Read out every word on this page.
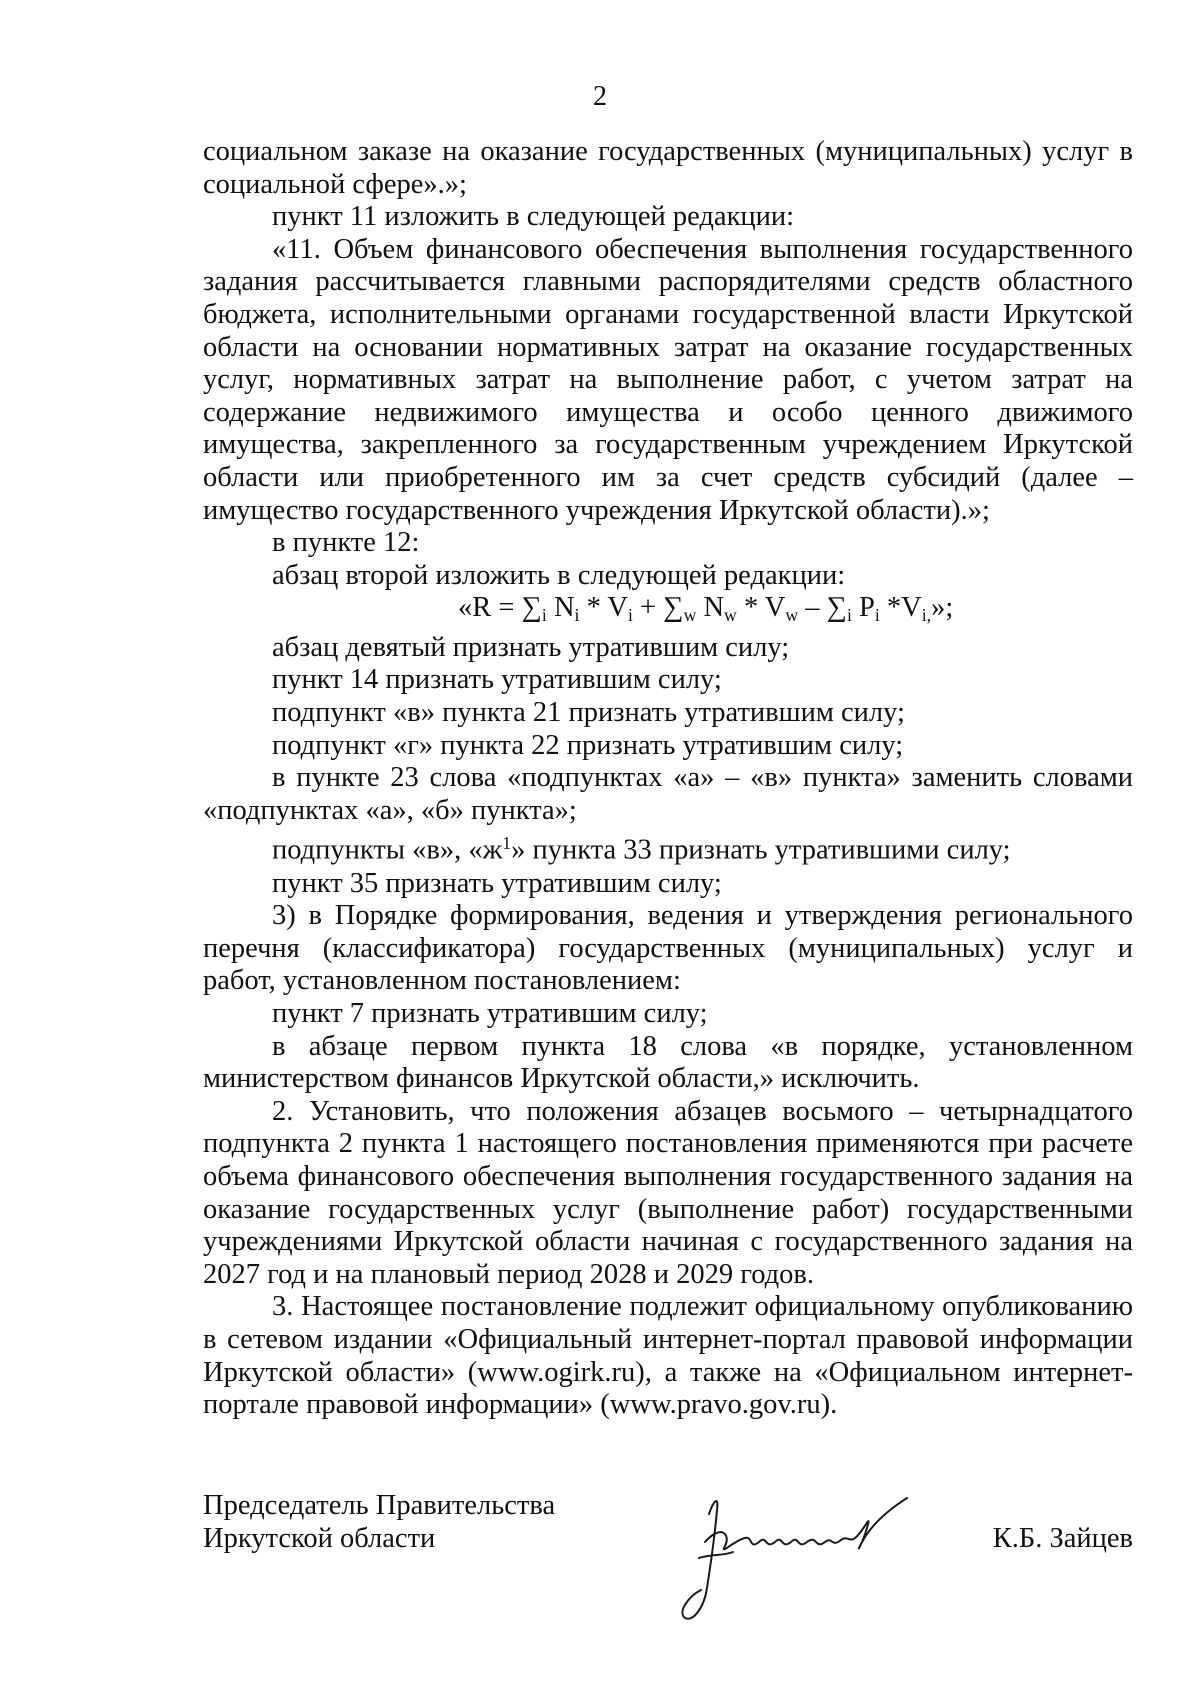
2

социальном заказе на оказание государственных (муниципальных) услуг в социальной сфере».»;

пункт 11 изложить в следующей редакции:

«11. Объем финансового обеспечения выполнения государственного задания рассчитывается главными распорядителями средств областного бюджета, исполнительными органами государственной власти Иркутской области на основании нормативных затрат на оказание государственных услуг, нормативных затрат на выполнение работ, с учетом затрат на содержание недвижимого имущества и особо ценного движимого имущества, закрепленного за государственным учреждением Иркутской области или приобретенного им за счет средств субсидий (далее – имущество государственного учреждения Иркутской области).»;

в пункте 12:

абзац второй изложить в следующей редакции:

«$R = \sum_i$ $N_i * V_i + \sum_w$ $N_w * V_w - \sum_i$ $P_i$ $*V_{i,}$»;

абзац девятый признать утратившим силу;

пункт 14 признать утратившим силу;

подпункт «в» пункта 21 признать утратившим силу;

подпункт «г» пункта 22 признать утратившим силу;

в пункте 23 слова «подпунктах «а» – «в» пункта» заменить словами «подпунктах «а», «б» пункта»;

подпункты «в», «$ж^1$» пункта 33 признать утратившими силу;

пункт 35 признать утратившим силу;

3) в Порядке формирования, ведения и утверждения регионального перечня (классификатора) государственных (муниципальных) услуг и работ, установленном постановлением:

пункт 7 признать утратившим силу;

в абзаце первом пункта 18 слова «в порядке, установленном министерством финансов Иркутской области,» исключить.

2. Установить, что положения абзацев восьмого – четырнадцатого подпункта 2 пункта 1 настоящего постановления применяются при расчете объема финансового обеспечения выполнения государственного задания на оказание государственных услуг (выполнение работ) государственными учреждениями Иркутской области начиная с государственного задания на 2027 год и на плановый период 2028 и 2029 годов.

3. Настоящее постановление подлежит официальному опубликованию в сетевом издании «Официальный интернет-портал правовой информации Иркутской области» (www.ogirk.ru), а также на «Официальном интернет-портале правовой информации» (www.pravo.gov.ru).

Председатель Правительства
Иркутской области	К.Б. Зайцев
